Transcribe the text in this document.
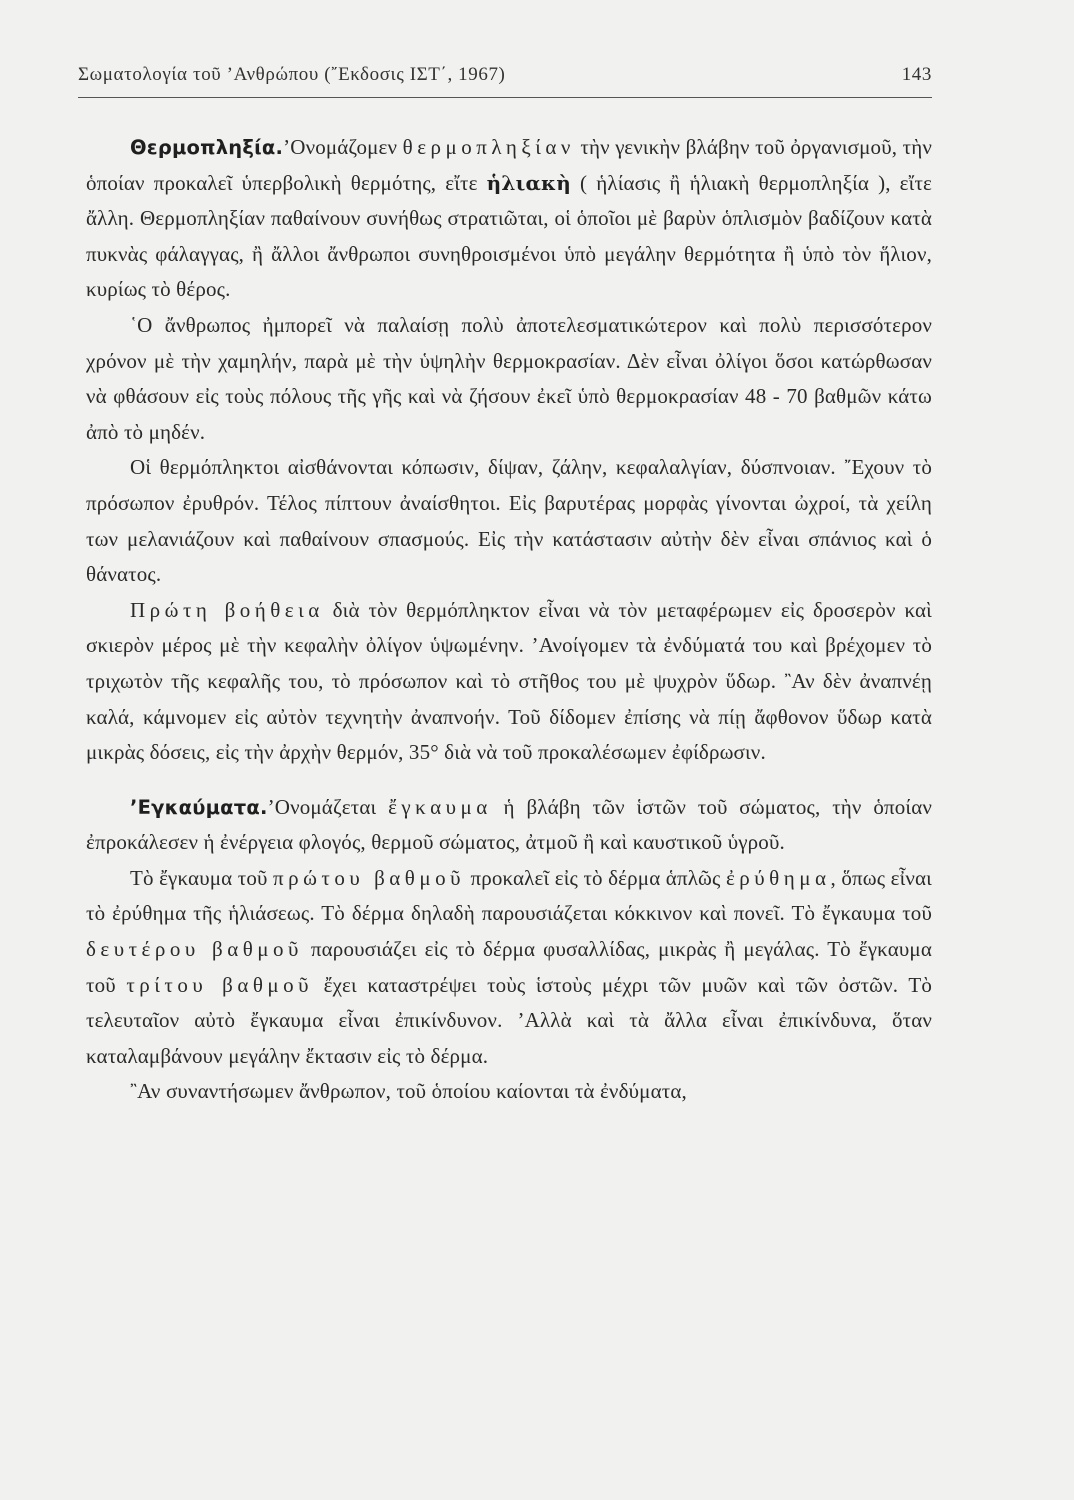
Σωματολογία τοῦ ’Ανθρώπου (῎Εκδοσις ΙΣΤ΄, 1967)	143

Θερμοπληξία.’Ονομάζομεν θερμοπληξίαν τὴν γενικὴν βλάβην τοῦ ὀργανισμοῦ, τὴν ὁποίαν προκαλεῖ ὑπερβολικὴ θερμότης, εἴτε ἡλιακὴ ( ἡλίασις ἢ ἡλιακὴ θερμοπληξία ), εἴτε ἄλλη. Θερμοπληξίαν παθαίνουν συνήθως στρατιῶται, οἱ ὁποῖοι μὲ βαρὺν ὁπλισμὸν βαδίζουν κατὰ πυκνὰς φάλαγγας, ἢ ἄλλοι ἄνθρωποι συνηθροισμένοι ὑπὸ μεγάλην θερμότητα ἢ ὑπὸ τὸν ἥλιον, κυρίως τὸ θέρος.

῾Ο ἄνθρωπος ἠμπορεῖ νὰ παλαίσῃ πολὺ ἀποτελεσματικώτερον καὶ πολὺ περισσότερον χρόνον μὲ τὴν χαμηλήν, παρὰ μὲ τὴν ὑψηλὴν θερμοκρασίαν. Δὲν εἶναι ὀλίγοι ὅσοι κατώρθωσαν νὰ φθάσουν εἰς τοὺς πόλους τῆς γῆς καὶ νὰ ζήσουν ἐκεῖ ὑπὸ θερμοκρασίαν 48 - 70 βαθμῶν κάτω ἀπὸ τὸ μηδέν.

Οἱ θερμόπληκτοι αἰσθάνονται κόπωσιν, δίψαν, ζάλην, κεφαλαλγίαν, δύσπνοιαν. ῎Εχουν τὸ πρόσωπον ἐρυθρόν. Τέλος πίπτουν ἀναίσθητοι. Εἰς βαρυτέρας μορφὰς γίνονται ὠχροί, τὰ χείλη των μελανιάζουν καὶ παθαίνουν σπασμούς. Εἰς τὴν κατάστασιν αὐτὴν δὲν εἶναι σπάνιος καὶ ὁ θάνατος.

Πρώτη βοήθεια διὰ τὸν θερμόπληκτον εἶναι νὰ τὸν μεταφέρωμεν εἰς δροσερὸν καὶ σκιερὸν μέρος μὲ τὴν κεφαλὴν ὀλίγον ὑψωμένην. ’Ανοίγομεν τὰ ἐνδύματά του καὶ βρέχομεν τὸ τριχωτὸν τῆς κεφαλῆς του, τὸ πρόσωπον καὶ τὸ στῆθος του μὲ ψυχρὸν ὕδωρ. ῍Αν δὲν ἀναπνέῃ καλά, κάμνομεν εἰς αὐτὸν τεχνητὴν ἀναπνοήν. Τοῦ δίδομεν ἐπίσης νὰ πίῃ ἄφθονον ὕδωρ κατὰ μικρὰς δόσεις, εἰς τὴν ἀρχὴν θερμόν, 35° διὰ νὰ τοῦ προκαλέσωμεν ἐφίδρωσιν.

’Εγκαύματα.’Ονομάζεται ἔγκαυμα ἡ βλάβη τῶν ἱστῶν τοῦ σώματος, τὴν ὁποίαν ἐπροκάλεσεν ἡ ἐνέργεια φλογός, θερμοῦ σώματος, ἀτμοῦ ἢ καὶ καυστικοῦ ὑγροῦ.

Τὸ ἔγκαυμα τοῦ πρώτου βαθμοῦ προκαλεῖ εἰς τὸ δέρμα ἁπλῶς ἐρύθημα, ὅπως εἶναι τὸ ἐρύθημα τῆς ἡλιάσεως. Τὸ δέρμα δηλαδὴ παρουσιάζεται κόκκινον καὶ πονεῖ. Τὸ ἔγκαυμα τοῦ δευτέρου βαθμοῦ παρουσιάζει εἰς τὸ δέρμα φυσαλλίδας, μικρὰς ἢ μεγάλας. Τὸ ἔγκαυμα τοῦ τρίτου βαθμοῦ ἔχει καταστρέψει τοὺς ἱστοὺς μέχρι τῶν μυῶν καὶ τῶν ὀστῶν. Τὸ τελευταῖον αὐτὸ ἔγκαυμα εἶναι ἐπικίνδυνον. ’Αλλὰ καὶ τὰ ἄλλα εἶναι ἐπικίνδυνα, ὅταν καταλαμβάνουν μεγάλην ἔκτασιν εἰς τὸ δέρμα.

῍Αν συναντήσωμεν ἄνθρωπον, τοῦ ὁποίου καίονται τὰ ἐνδύματα,
